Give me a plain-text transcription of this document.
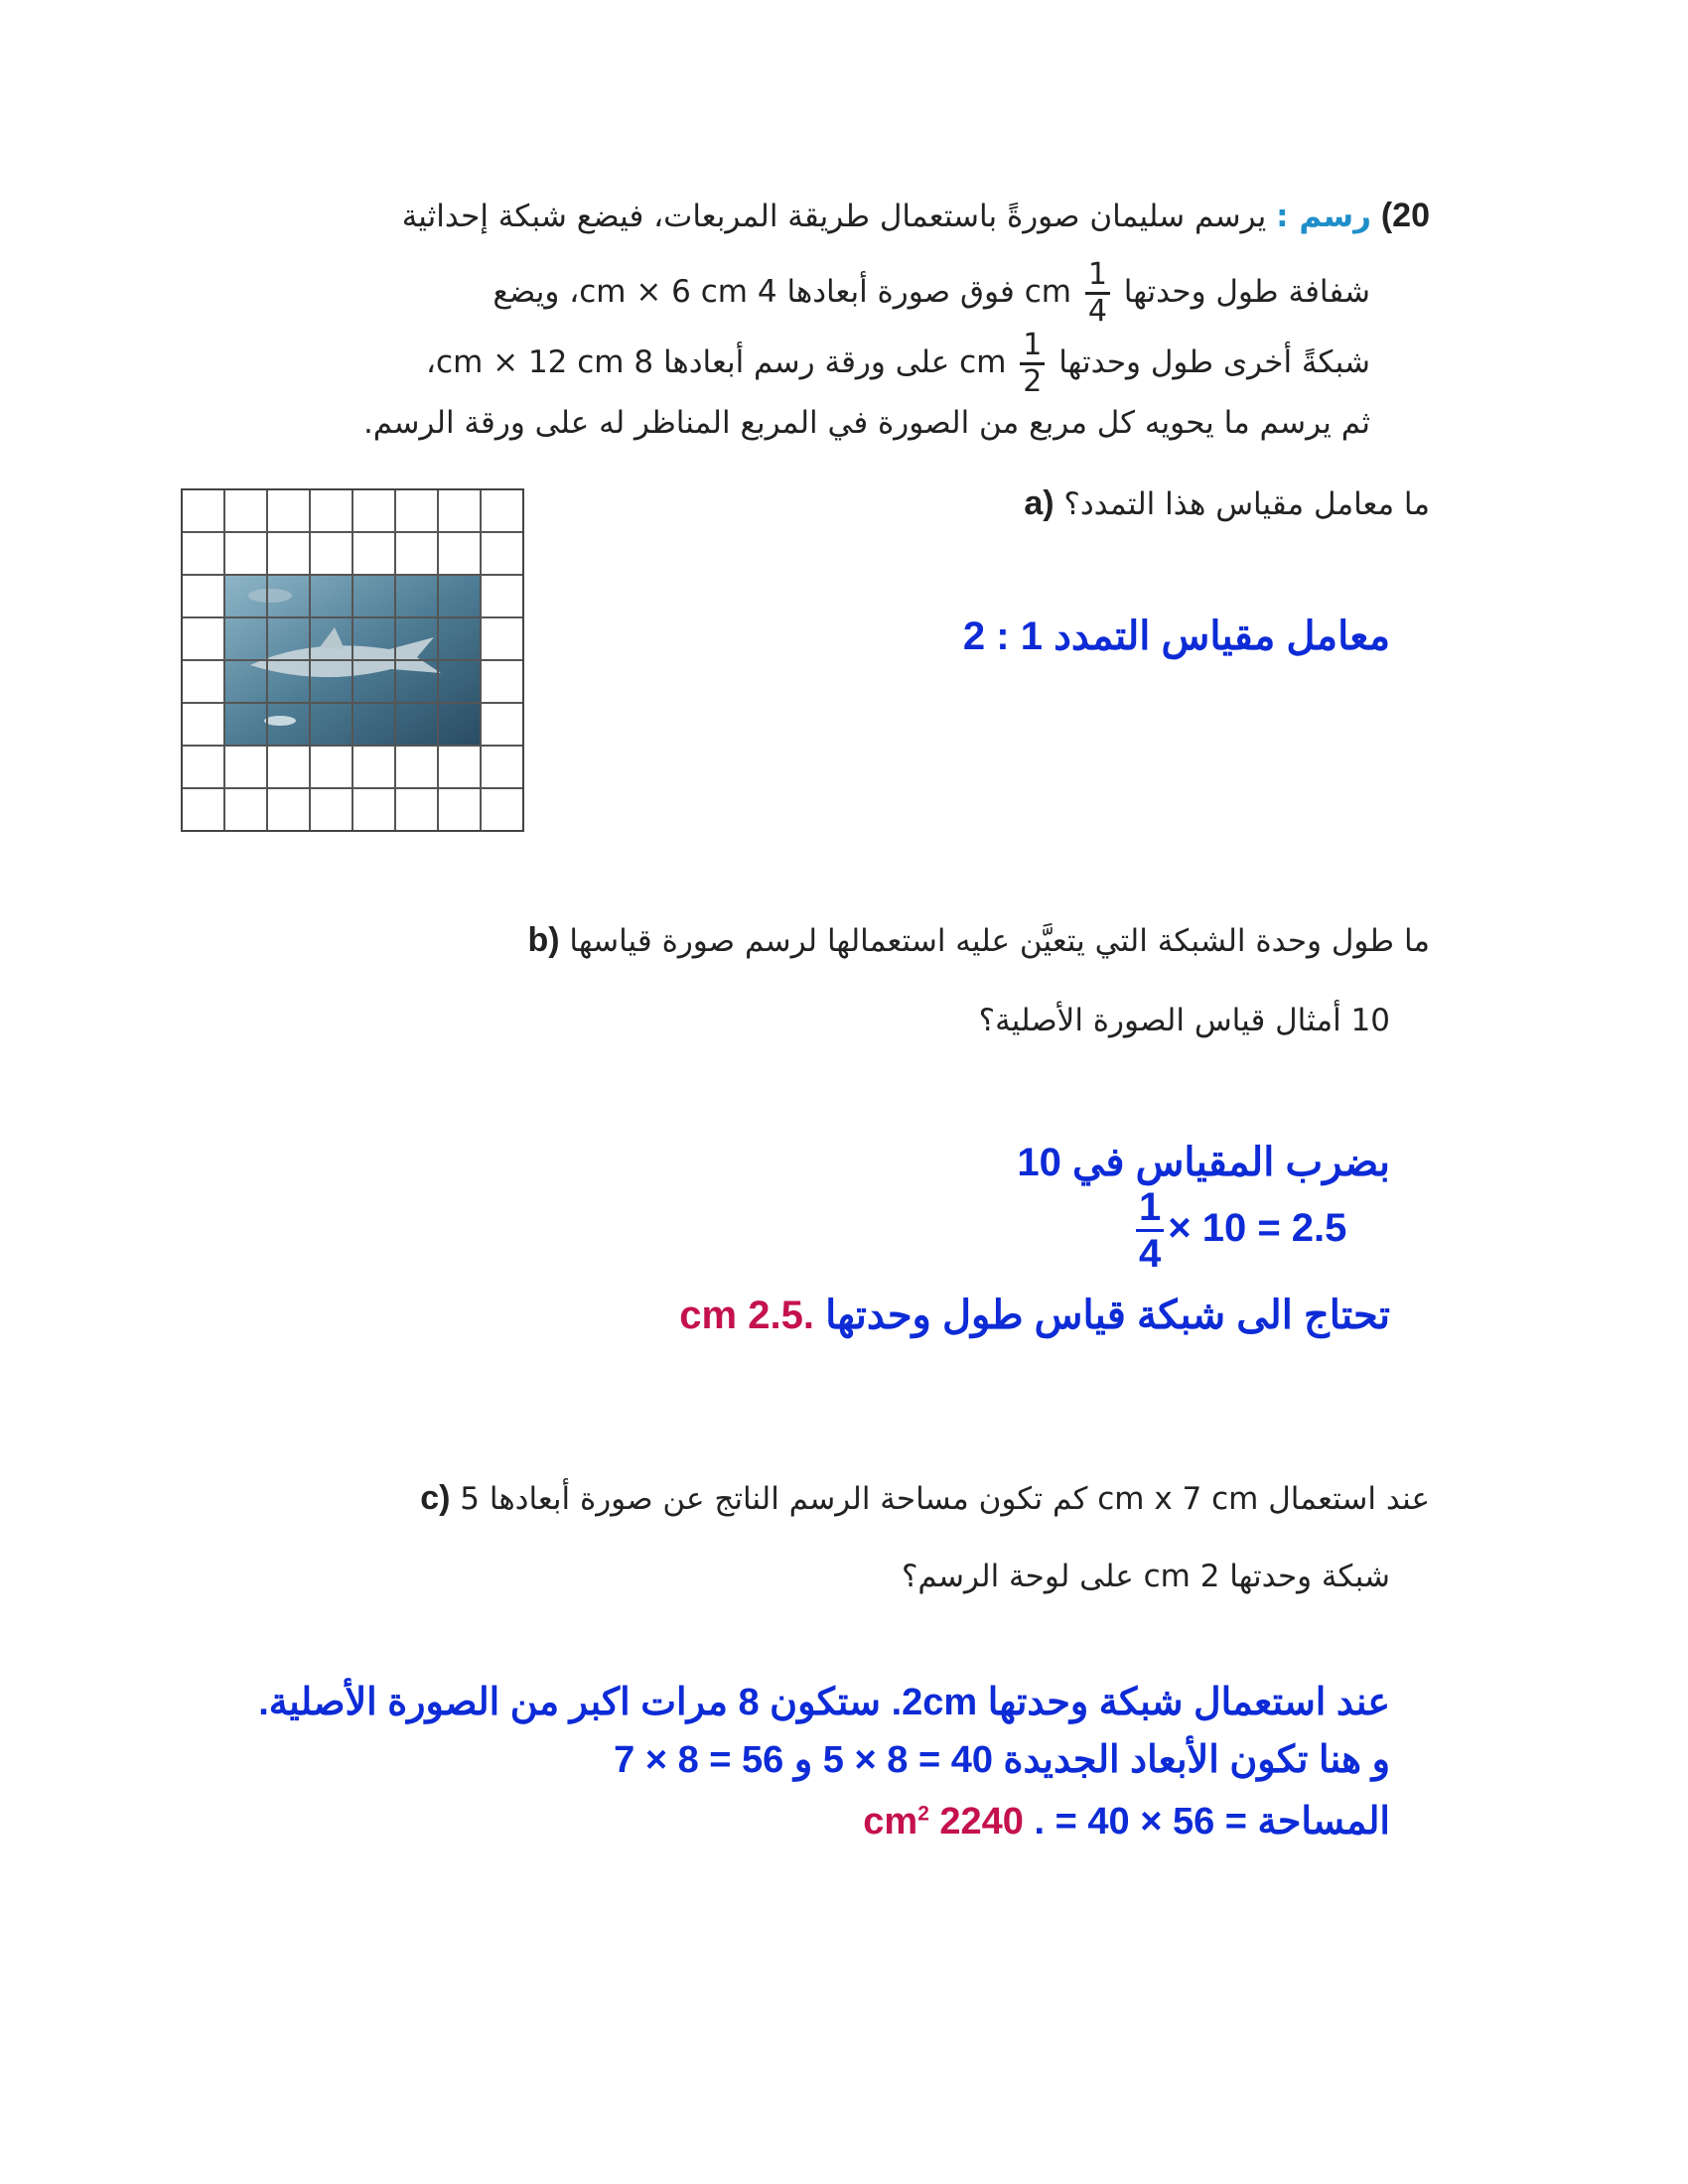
20) رسم : يرسم سليمان صورةً باستعمال طريقة المربعات، فيضع شبكة إحداثية
شفافة طول وحدتها
$\frac{1}{4}$
cm فوق صورة أبعادها 4 cm × 6 cm، ويضع
شبكةً أخرى طول وحدتها
$\frac{1}{2}$
cm على ورقة رسم أبعادها 8 cm × 12 cm،
ثم يرسم ما يحويه كل مربع من الصورة في المربع المناظر له على ورقة الرسم.
a) ما معامل مقياس هذا التمدد؟
معامل مقياس التمدد 1 : 2
b) ما طول وحدة الشبكة التي يتعيَّن عليه استعمالها لرسم صورة قياسها
10 أمثال قياس الصورة الأصلية؟
بضرب المقياس في 10
$\frac{1}{4} \times 10 = 2.5$
تحتاج الى شبكة قياس طول وحدتها .2.5 cm
c) كم تكون مساحة الرسم الناتج عن صورة أبعادها 5 cm x 7 cm عند استعمال
شبكة وحدتها 2 cm على لوحة الرسم؟
عند استعمال شبكة وحدتها 2cm. ستكون 8 مرات اكبر من الصورة الأصلية.
و هنا تكون الأبعاد الجديدة 40 = 8 × 5 و 56 = 8 × 7
المساحة = 56 × 40 = . 2240 $cm^2$
